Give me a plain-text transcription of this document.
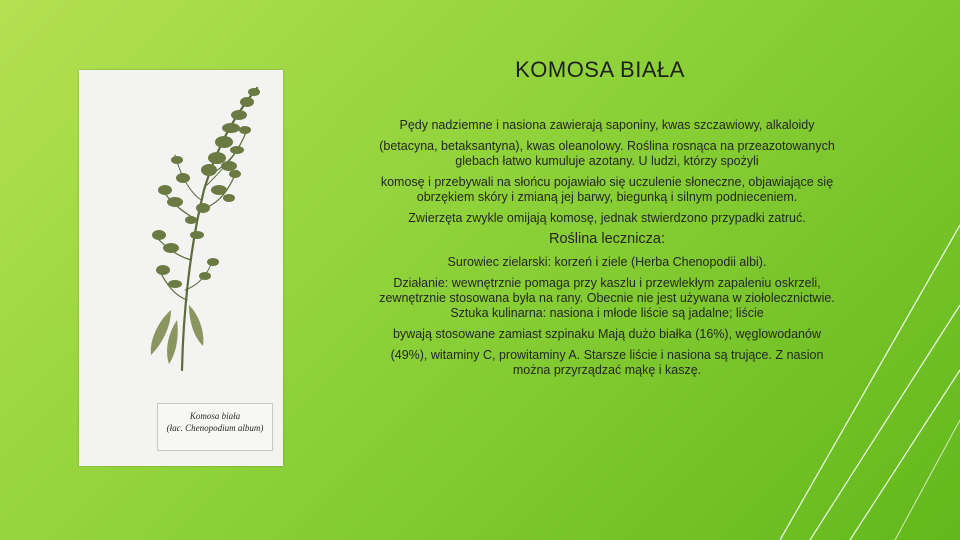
Komosa biała
(łac. Chenopodium album)
KOMOSA BIAŁA

Pędy nadziemne i nasiona zawierają saponiny, kwas szczawiowy, alkaloidy

(betacyna, betaksantyna), kwas oleanolowy. Roślina rosnąca na przeazotowanych glebach łatwo kumuluje azotany. U ludzi, którzy spożyli

komosę i przebywali na słońcu pojawiało się uczulenie słoneczne, objawiające się obrzękiem skóry i zmianą jej barwy, biegunką i silnym podnieceniem.

Zwierzęta zwykle omijają komosę, jednak stwierdzono przypadki zatruć.

Roślina lecznicza:

Surowiec zielarski: korzeń i ziele (Herba Chenopodii albi).

Działanie: wewnętrznie pomaga przy kaszlu i przewlekłym zapaleniu oskrzeli, zewnętrznie stosowana była na rany. Obecnie nie jest używana w ziołolecznictwie. Sztuka kulinarna: nasiona i młode liście są jadalne; liście

bywają stosowane zamiast szpinaku Mają dużo białka (16%), węglowodanów

(49%), witaminy C, prowitaminy A. Starsze liście i nasiona są trujące. Z nasion można przyrządzać mąkę i kaszę.
